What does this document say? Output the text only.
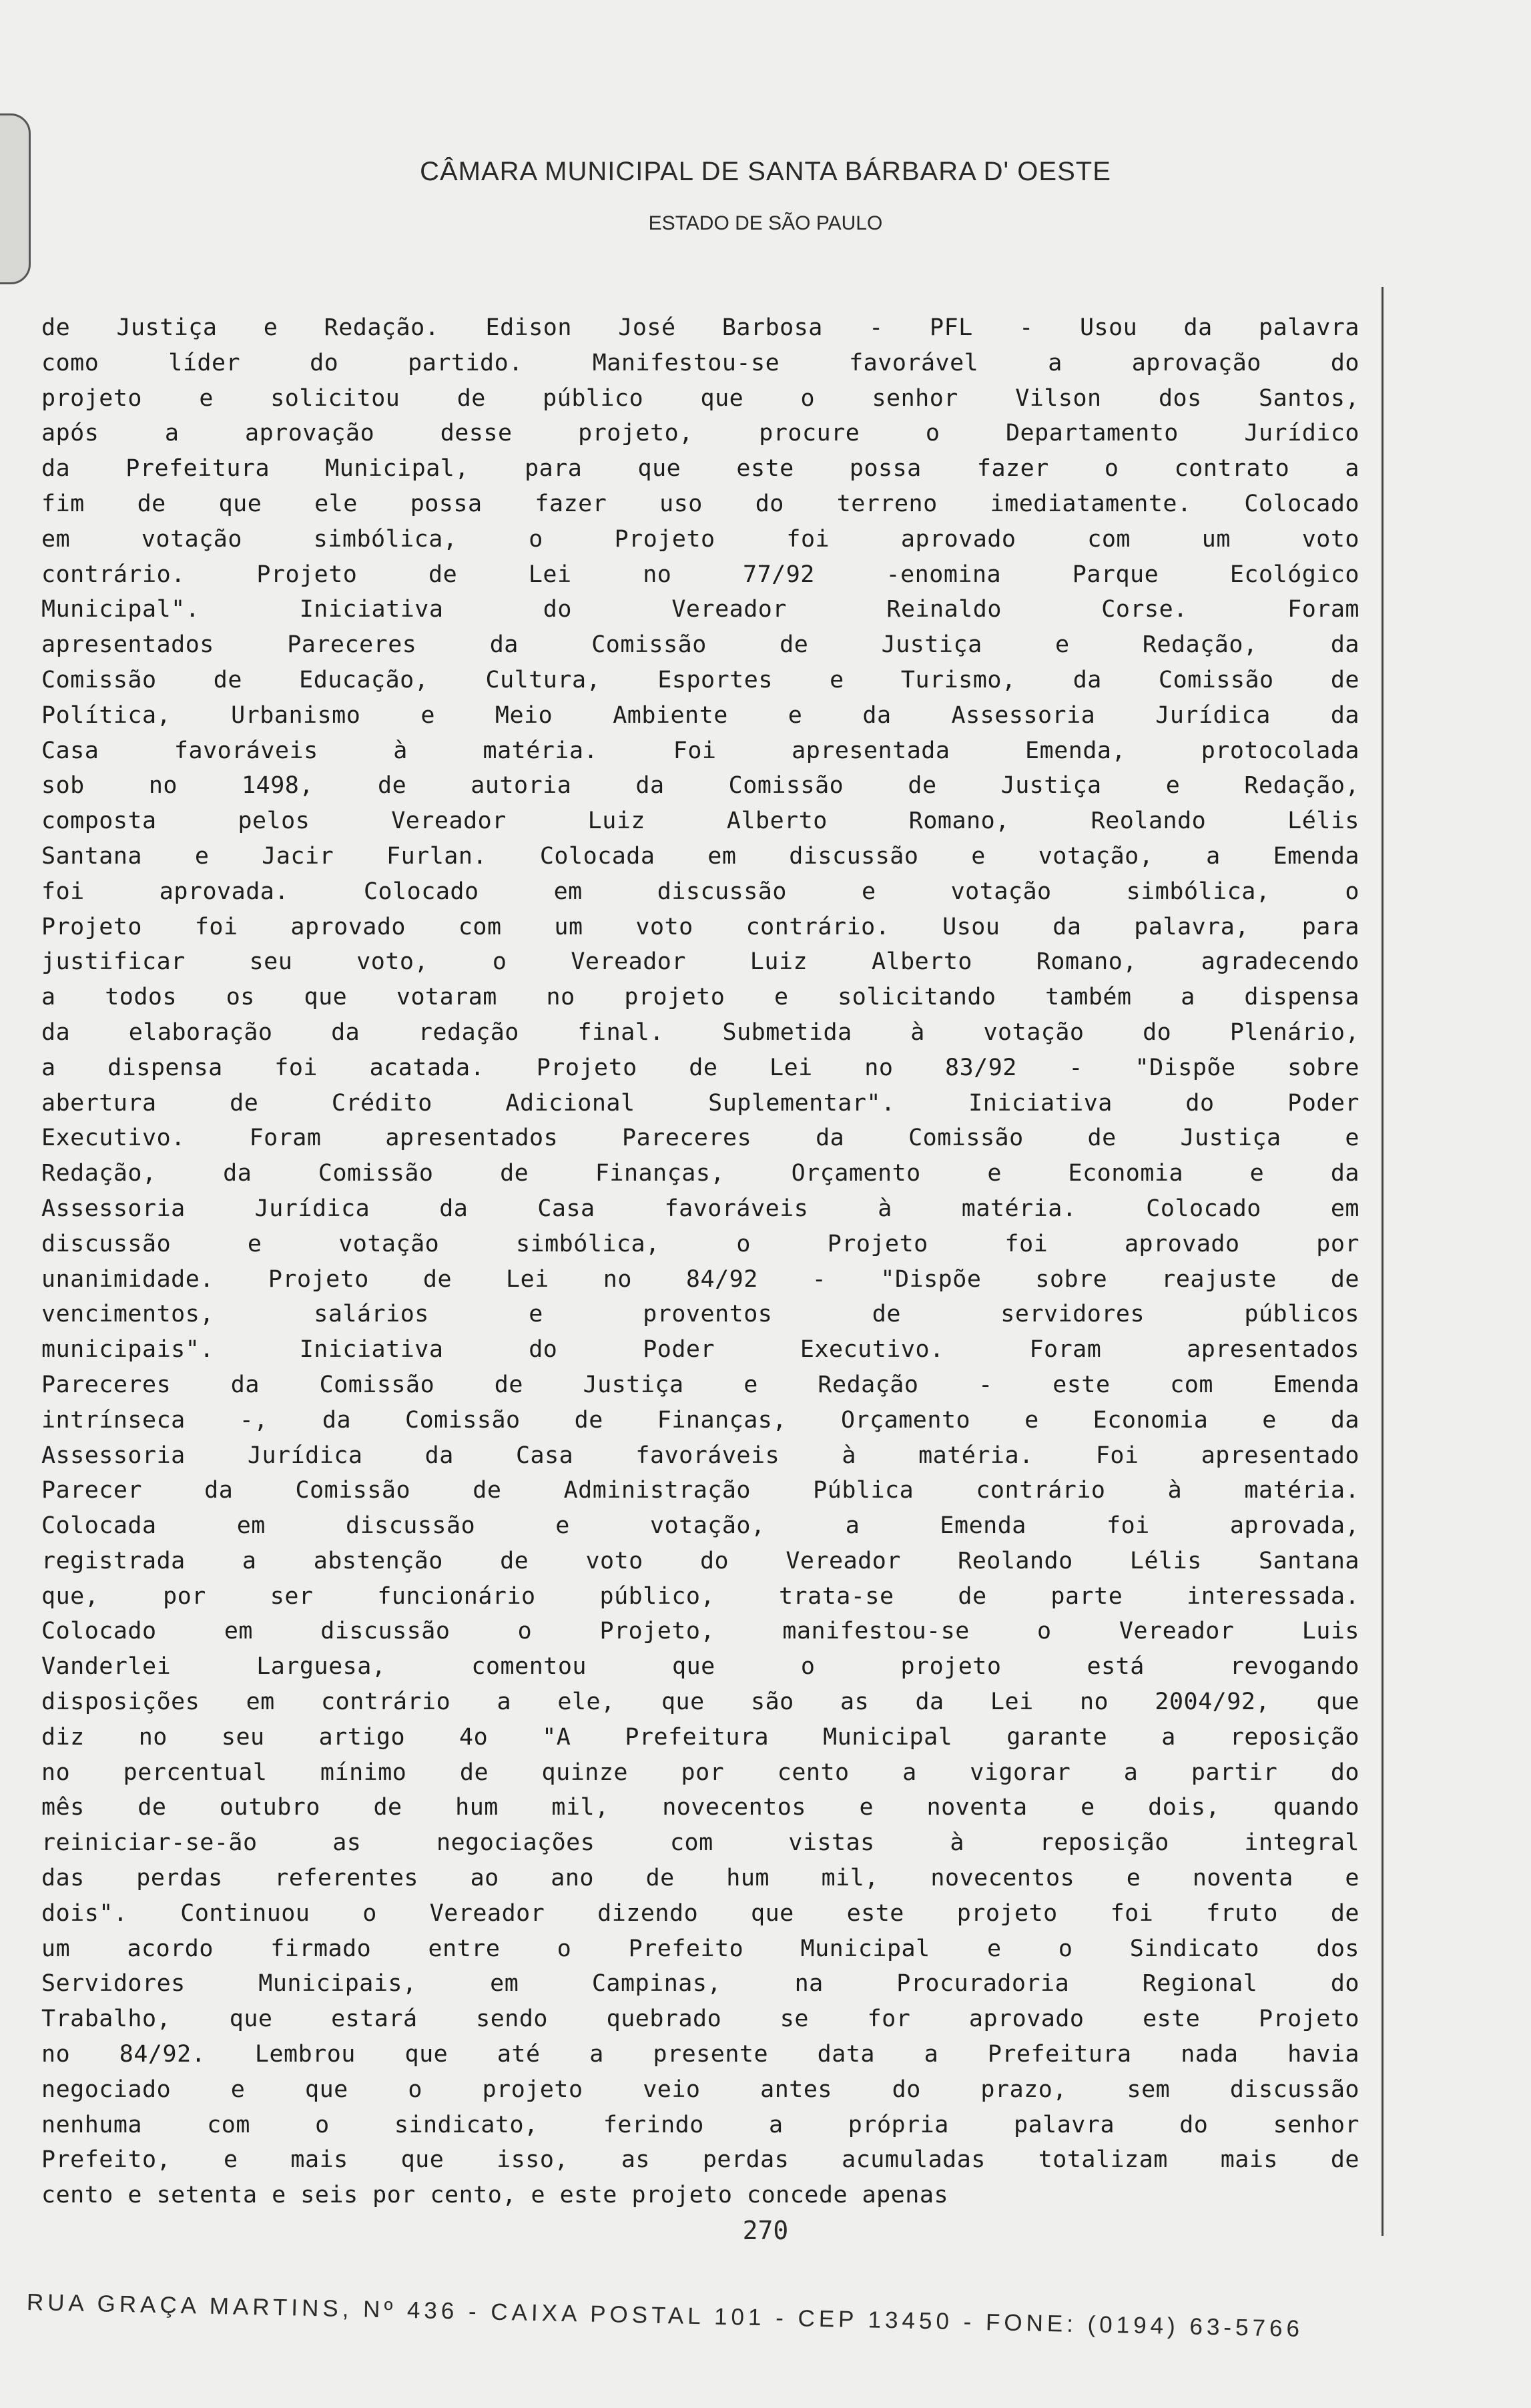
CÂMARA MUNICIPAL DE SANTA BÁRBARA D' OESTE
ESTADO DE SÃO PAULO
de Justiça e Redação. Edison José Barbosa - PFL - Usou da palavra
como líder do partido. Manifestou-se favorável a aprovação do
projeto e solicitou de público que o senhor Vilson dos Santos,
após a aprovação desse projeto, procure o Departamento Jurídico
da Prefeitura Municipal, para que este possa fazer o contrato a
fim de que ele possa fazer uso do terreno imediatamente. Colocado
em votação simbólica, o Projeto foi aprovado com um voto
contrário. Projeto de Lei no 77/92 -enomina Parque Ecológico
Municipal". Iniciativa do Vereador Reinaldo Corse. Foram
apresentados Pareceres da Comissão de Justiça e Redação, da
Comissão de Educação, Cultura, Esportes e Turismo, da Comissão de
Política, Urbanismo e Meio Ambiente e da Assessoria Jurídica da
Casa favoráveis à matéria. Foi apresentada Emenda, protocolada
sob no 1498, de autoria da Comissão de Justiça e Redação,
composta pelos Vereador Luiz Alberto Romano, Reolando Lélis
Santana e Jacir Furlan. Colocada em discussão e votação, a Emenda
foi aprovada. Colocado em discussão e votação simbólica, o
Projeto foi aprovado com um voto contrário. Usou da palavra, para
justificar seu voto, o Vereador Luiz Alberto Romano, agradecendo
a todos os que votaram no projeto e solicitando também a dispensa
da elaboração da redação final. Submetida à votação do Plenário,
a dispensa foi acatada. Projeto de Lei no 83/92 - "Dispõe sobre
abertura de Crédito Adicional Suplementar". Iniciativa do Poder
Executivo. Foram apresentados Pareceres da Comissão de Justiça e
Redação, da Comissão de Finanças, Orçamento e Economia e da
Assessoria Jurídica da Casa favoráveis à matéria. Colocado em
discussão e votação simbólica, o Projeto foi aprovado por
unanimidade. Projeto de Lei no 84/92 - "Dispõe sobre reajuste de
vencimentos, salários e proventos de servidores públicos
municipais". Iniciativa do Poder Executivo. Foram apresentados
Pareceres da Comissão de Justiça e Redação - este com Emenda
intrínseca -, da Comissão de Finanças, Orçamento e Economia e da
Assessoria Jurídica da Casa favoráveis à matéria. Foi apresentado
Parecer da Comissão de Administração Pública contrário à matéria.
Colocada em discussão e votação, a Emenda foi aprovada,
registrada a abstenção de voto do Vereador Reolando Lélis Santana
que, por ser funcionário público, trata-se de parte interessada.
Colocado em discussão o Projeto, manifestou-se o Vereador Luis
Vanderlei Larguesa, comentou que o projeto está revogando
disposições em contrário a ele, que são as da Lei no 2004/92, que
diz no seu artigo 4o "A Prefeitura Municipal garante a reposição
no percentual mínimo de quinze por cento a vigorar a partir do
mês de outubro de hum mil, novecentos e noventa e dois, quando
reiniciar-se-ão as negociações com vistas à reposição integral
das perdas referentes ao ano de hum mil, novecentos e noventa e
dois". Continuou o Vereador dizendo que este projeto foi fruto de
um acordo firmado entre o Prefeito Municipal e o Sindicato dos
Servidores Municipais, em Campinas, na Procuradoria Regional do
Trabalho, que estará sendo quebrado se for aprovado este Projeto
no 84/92. Lembrou que até a presente data a Prefeitura nada havia
negociado e que o projeto veio antes do prazo, sem discussão
nenhuma com o sindicato, ferindo a própria palavra do senhor
Prefeito, e mais que isso, as perdas acumuladas totalizam mais de
cento e setenta e seis por cento, e este projeto concede apenas
270
RUA GRAÇA MARTINS, Nº 436 - CAIXA POSTAL 101 - CEP 13450 - FONE: (0194) 63-5766
